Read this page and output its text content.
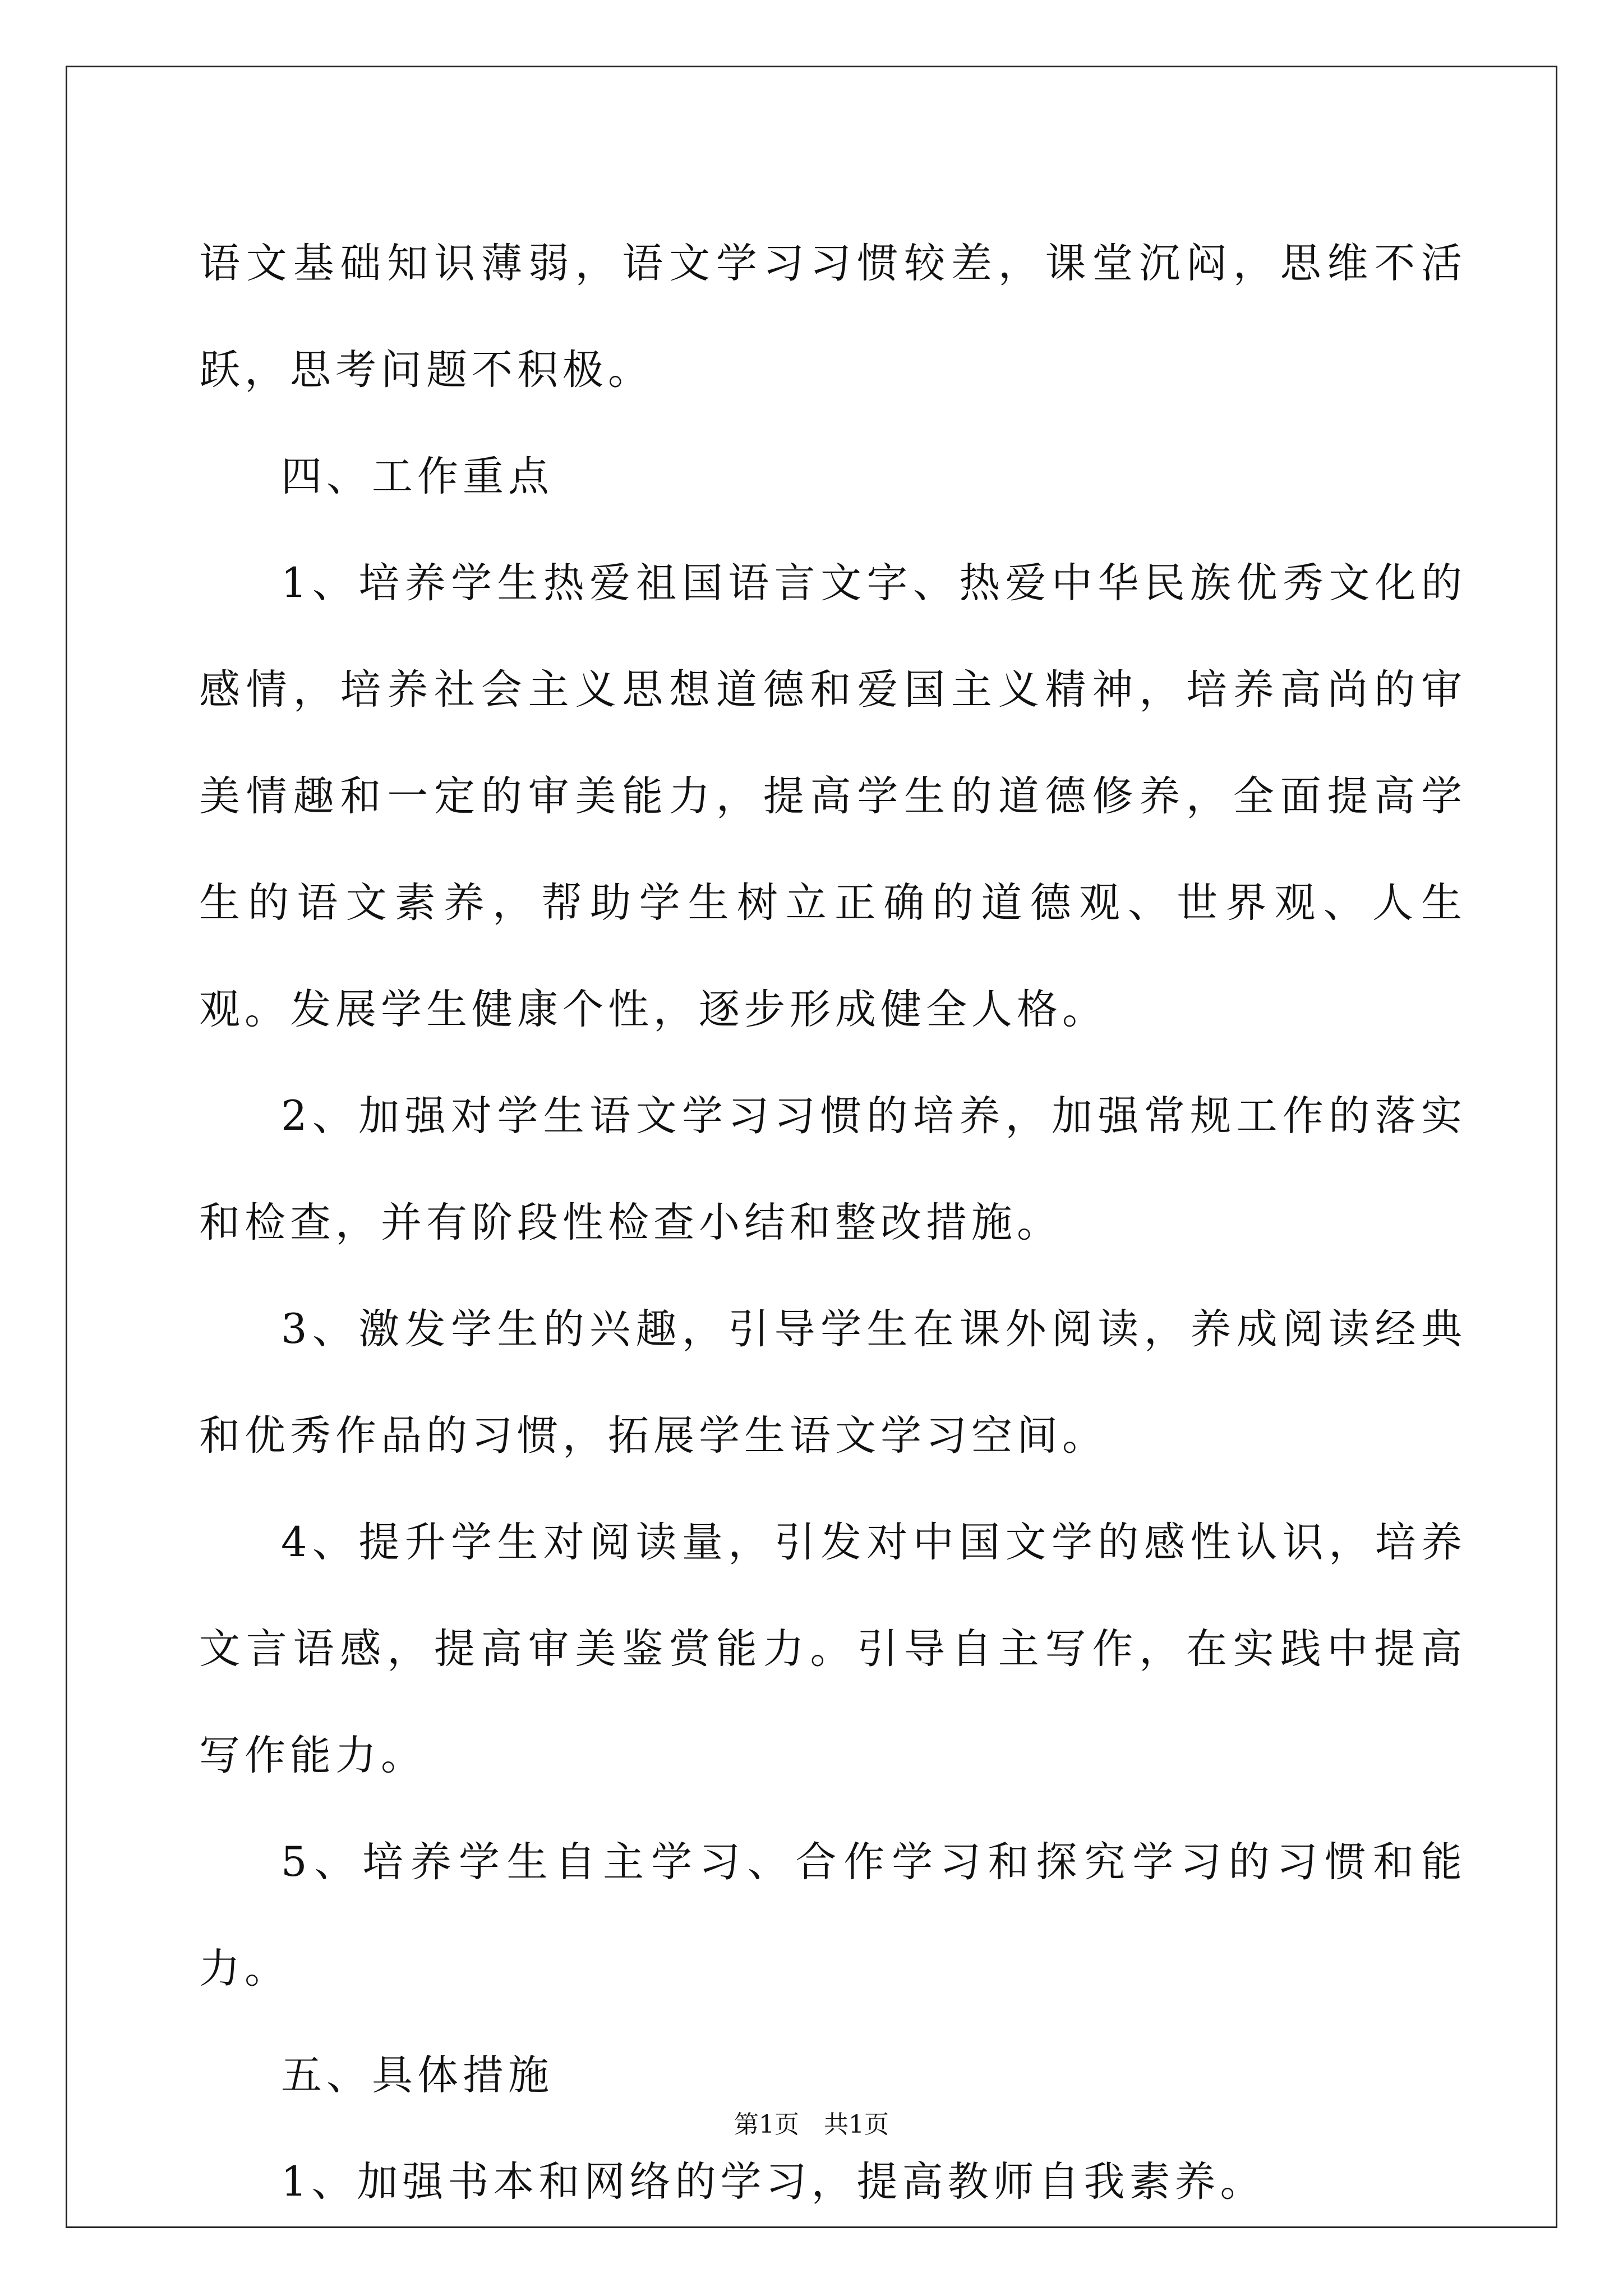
语文基础知识薄弱，语文学习习惯较差，课堂沉闷，思维不活跃，思考问题不积极。

四、工作重点

1、培养学生热爱祖国语言文字、热爱中华民族优秀文化的感情，培养社会主义思想道德和爱国主义精神，培养高尚的审美情趣和一定的审美能力，提高学生的道德修养，全面提高学生的语文素养，帮助学生树立正确的道德观、世界观、人生观。发展学生健康个性，逐步形成健全人格。

2、加强对学生语文学习习惯的培养，加强常规工作的落实和检查，并有阶段性检查小结和整改措施。

3、激发学生的兴趣，引导学生在课外阅读，养成阅读经典和优秀作品的习惯，拓展学生语文学习空间。

4、提升学生对阅读量，引发对中国文学的感性认识，培养文言语感，提高审美鉴赏能力。引导自主写作，在实践中提高写作能力。

5、培养学生自主学习、合作学习和探究学习的习惯和能力。

五、具体措施

1、加强书本和网络的学习，提高教师自我素养。

第1页　共1页
